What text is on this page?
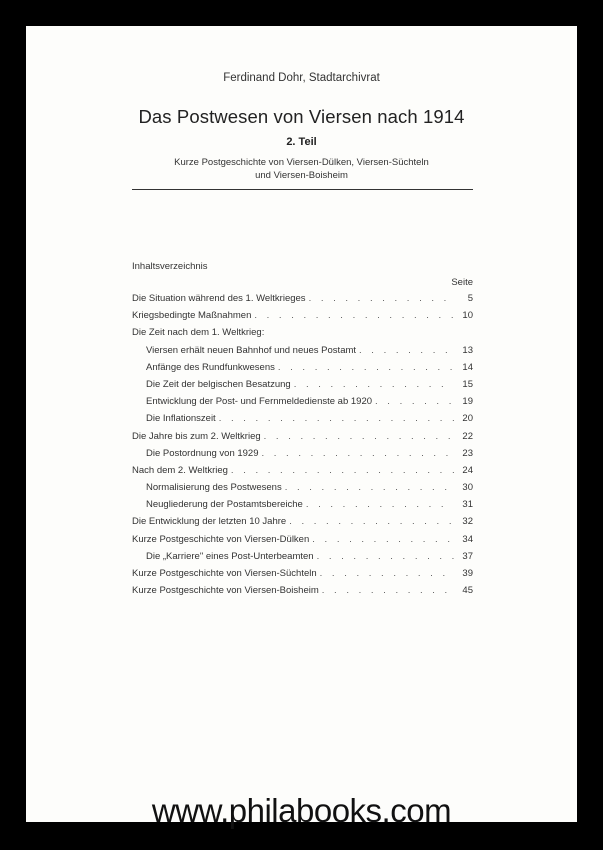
Ferdinand Dohr, Stadtarchivrat
Das Postwesen von Viersen nach 1914
2. Teil
Kurze Postgeschichte von Viersen-Dülken, Viersen-Süchteln
und Viersen-Boisheim
Inhaltsverzeichnis
Seite
Die Situation während des 1. Weltkrieges . . .	5
Kriegsbedingte Maßnahmen . . .	10
Die Zeit nach dem 1. Weltkrieg:
Viersen erhält neuen Bahnhof und neues Postamt . . .	13
Anfänge des Rundfunkwesens . . .	14
Die Zeit der belgischen Besatzung . . .	15
Entwicklung der Post- und Fernmeldedienste ab 1920 . . .	19
Die Inflationszeit . . .	20
Die Jahre bis zum 2. Weltkrieg . . .	22
Die Postordnung von 1929 . . .	23
Nach dem 2. Weltkrieg . . .	24
Normalisierung des Postwesens . . .	30
Neugliederung der Postamtsbereiche . . .	31
Die Entwicklung der letzten 10 Jahre . . .	32
Kurze Postgeschichte von Viersen-Dülken . . .	34
Die „Karriere" eines Post-Unterbeamten . . .	37
Kurze Postgeschichte von Viersen-Süchteln . . .	39
Kurze Postgeschichte von Viersen-Boisheim . . .	45
www.philabooks.com
